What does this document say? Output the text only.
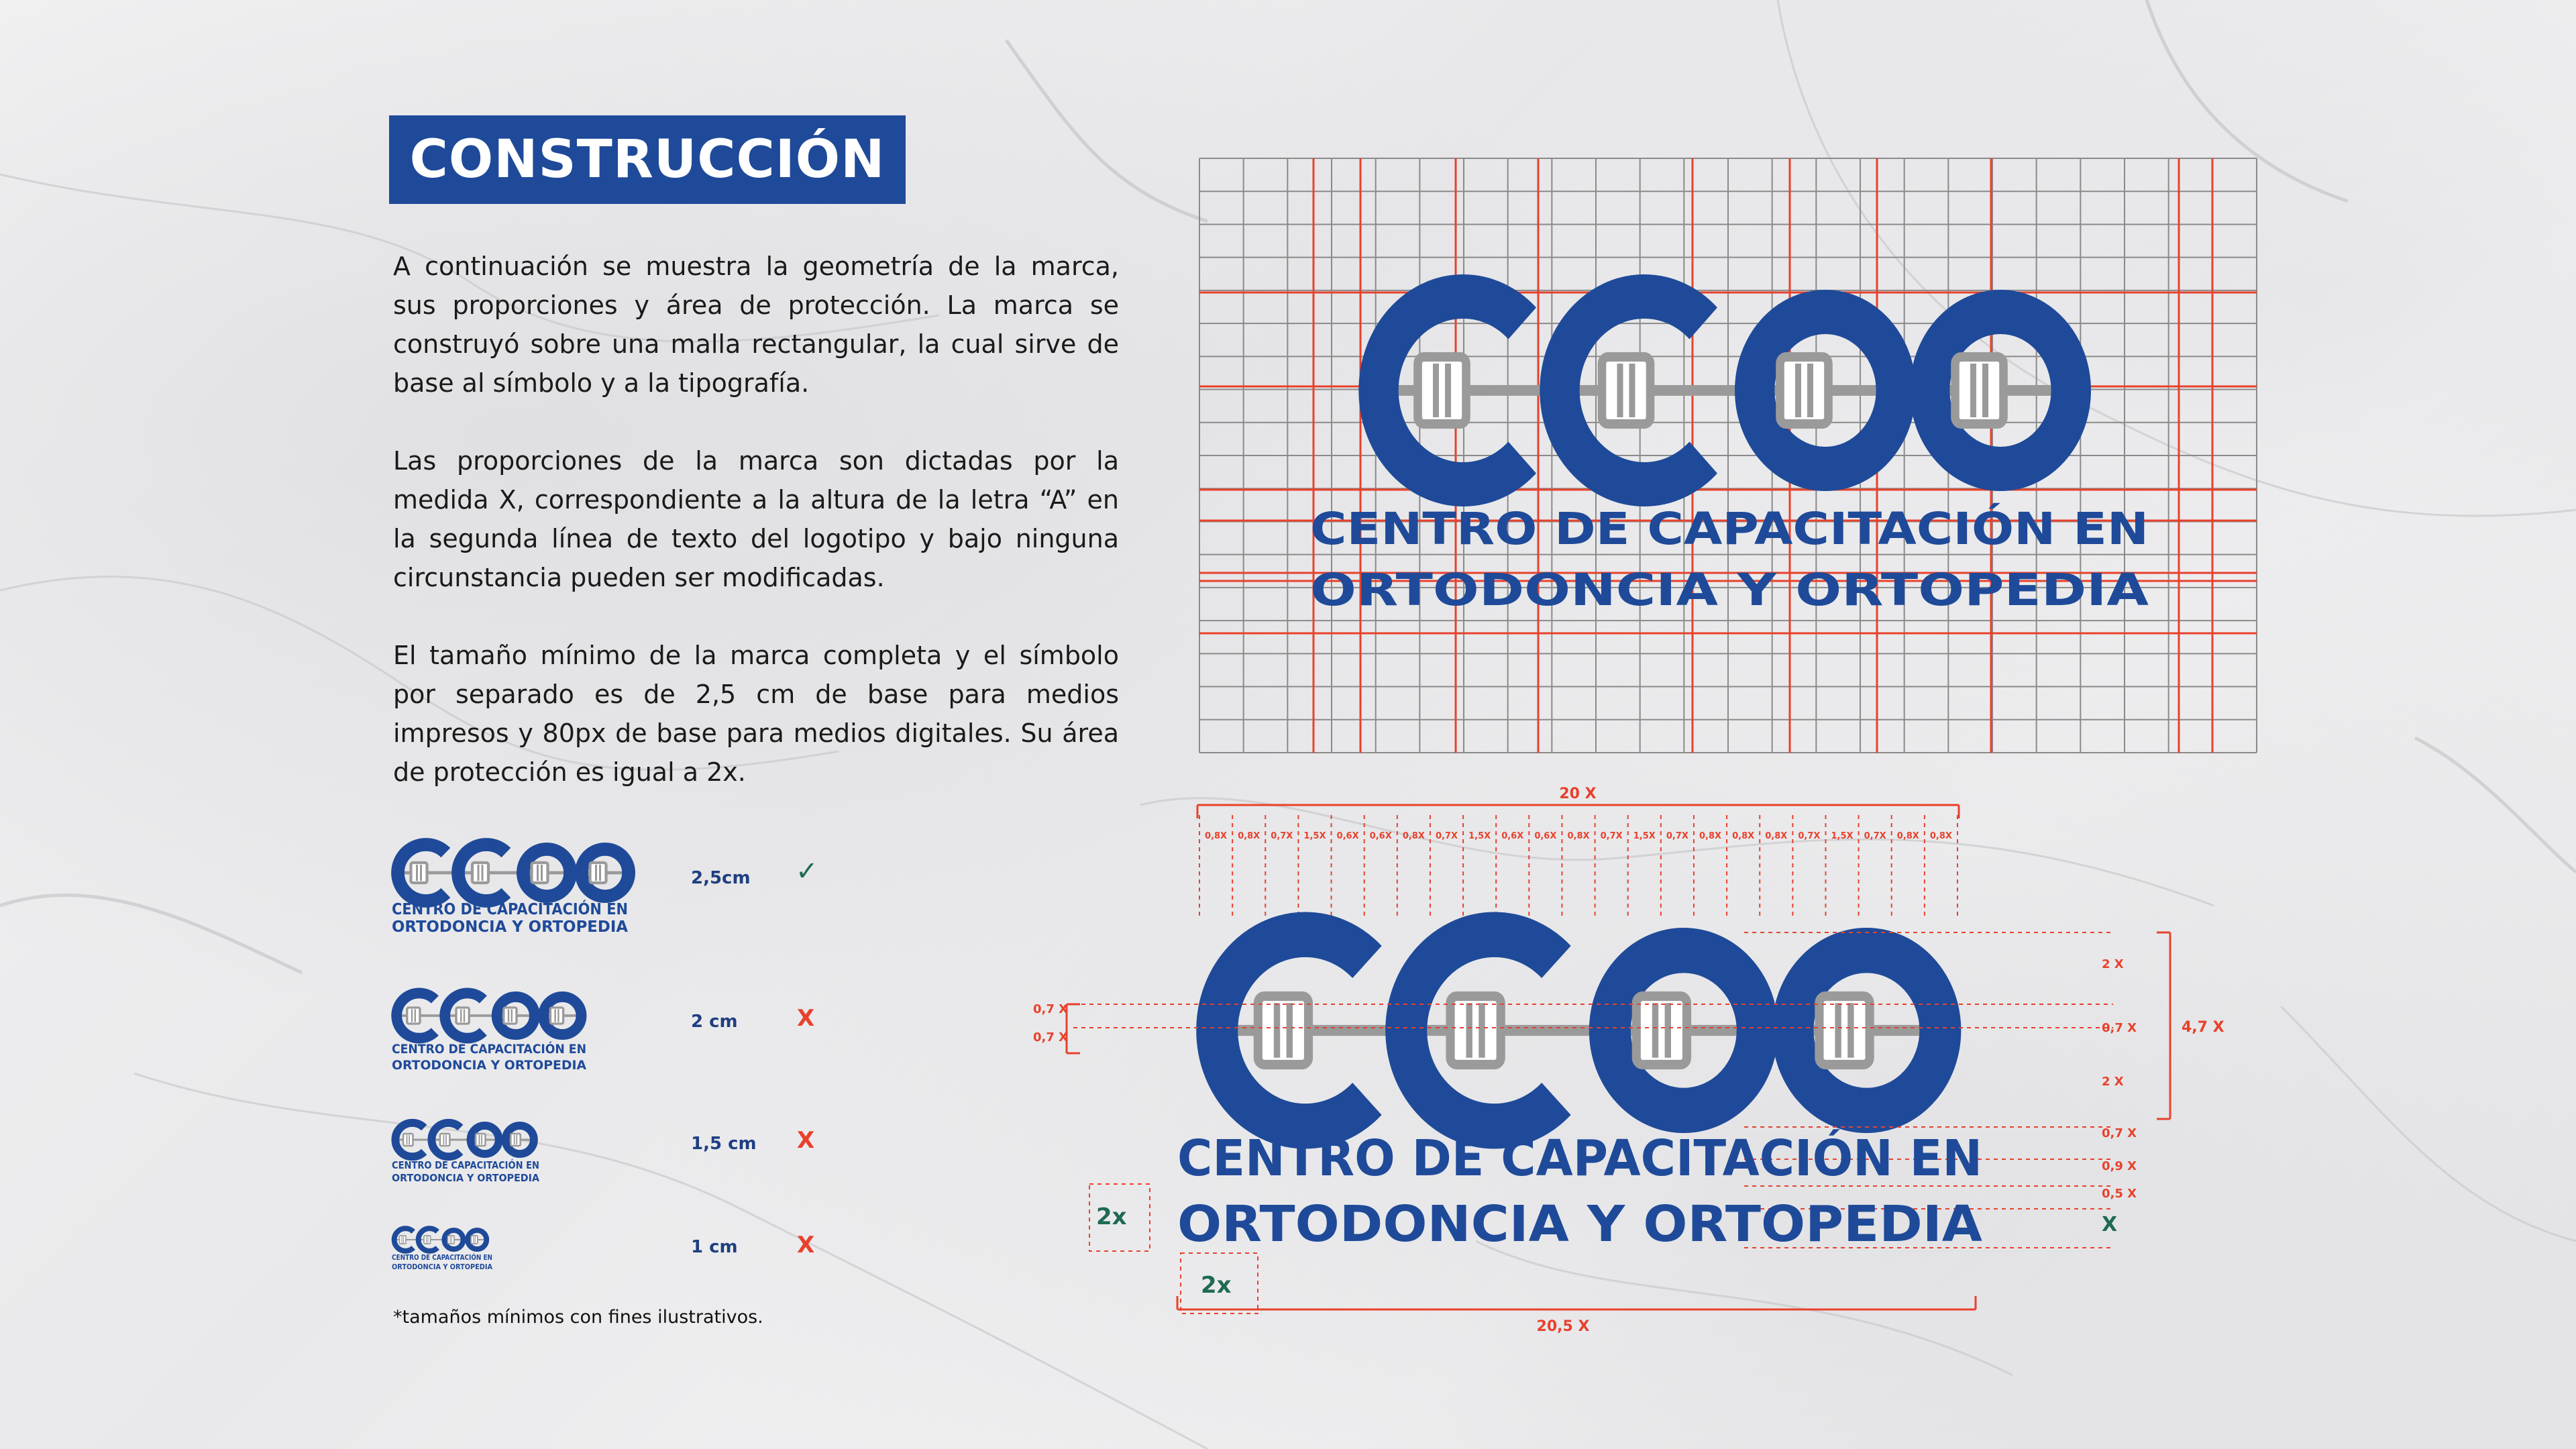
CONSTRUCCIÓN

A continuación se muestra la geometría de la marca, sus proporciones y área de protección. La marca se construyó sobre una malla rectangular, la cual sirve de base al símbolo y a la tipografía.

Las proporciones de la marca son dictadas por la medida X, correspondiente a la altura de la letra “A” en la segunda línea de texto del logotipo y bajo ninguna circunstancia pueden ser modificadas.

El tamaño mínimo de la marca completa y el símbolo por separado es de 2,5 cm de base para medios impresos y 80px de base para medios digitales. Su área de protección es igual a 2x.

CENTRO DE CAPACITACIÓN EN
ORTODONCIA Y ORTOPEDIA
20 X
0,8X 0,8X 0,7X 1,5X 0,6X 0,6X 0,8X 0,7X 1,5X 0,6X 0,6X 0,8X 0,7X 1,5X 0,7X 0,8X 0,8X 0,8X 0,7X 1,5X 0,7X 0,8X 0,8X
0,7 X
0,7 X
2 X
0,7 X
2 X
0,7 X
0,9 X
0,5 X
X
4,7 X
CENTRO DE CAPACITACIÓN EN
ORTODONCIA Y ORTOPEDIA
2x
2x
20,5 X
CENTRO DE CAPACITACIÓN EN
ORTODONCIA Y ORTOPEDIA
CENTRO DE CAPACITACIÓN EN
ORTODONCIA Y ORTOPEDIA
CENTRO DE CAPACITACIÓN EN
ORTODONCIA Y ORTOPEDIA
CENTRO DE CAPACITACIÓN EN
ORTODONCIA Y ORTOPEDIA
2,5cm
2 cm
1,5 cm
1 cm
✓
X
X
X
*tamaños mínimos con fines ilustrativos.
